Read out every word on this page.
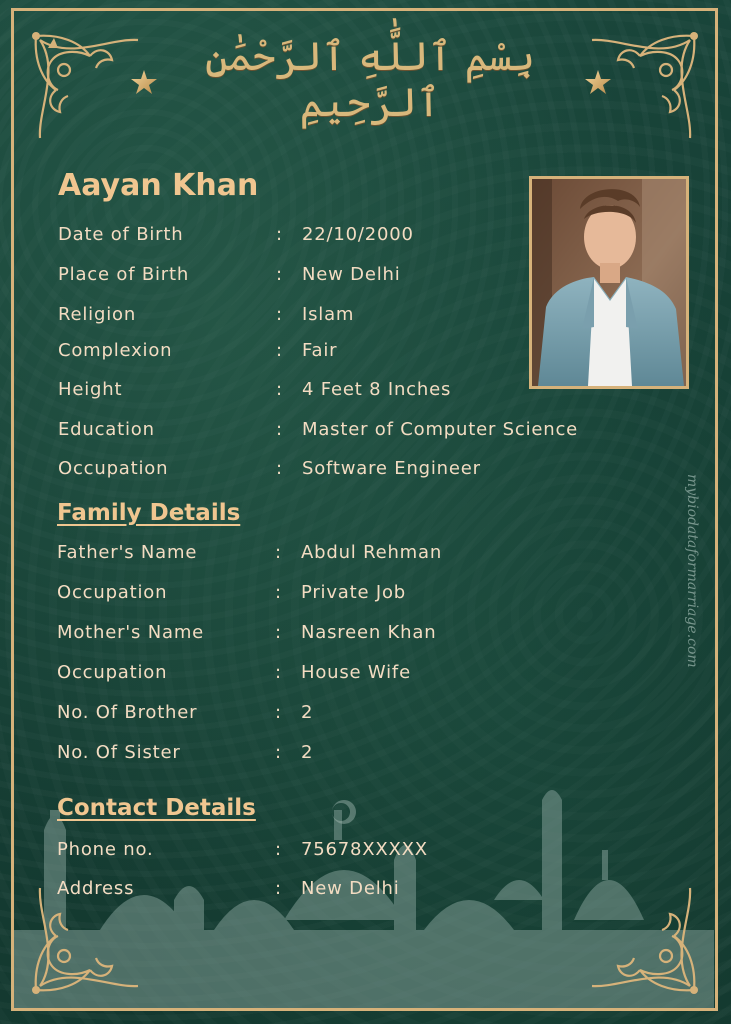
بِسْمِ ٱللَّٰهِ ٱلرَّحْمَٰنِ ٱلرَّحِيمِ
Aayan Khan
Date of Birth	: 22/10/2000
Place of Birth	: New Delhi
Religion	: Islam
Complexion	: Fair
Height	: 4 Feet 8 Inches
Education	: Master of Computer Science
Occupation	: Software Engineer
Family Details
Father's Name	: Abdul Rehman
Occupation	: Private Job
Mother's Name	: Nasreen Khan
Occupation	: House Wife
No. Of Brother	: 2
No. Of Sister	: 2
Contact Details
Phone no.	: 75678XXXXX
Address	: New Delhi
mybiodataformarriage.com
